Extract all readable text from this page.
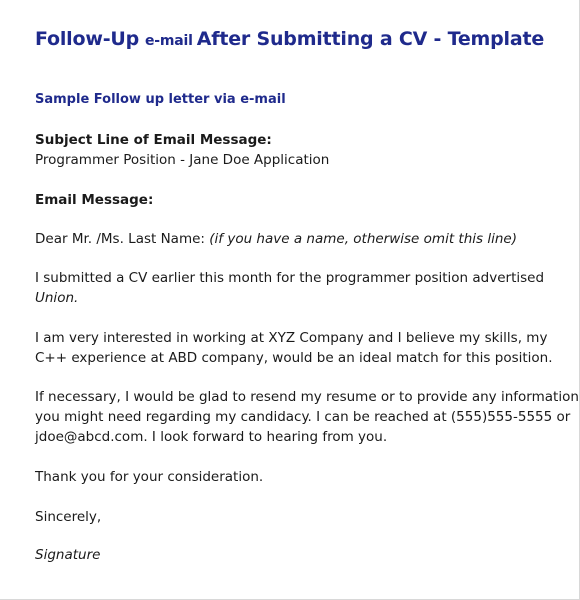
Follow-Up e-mail After Submitting a CV - Template
Sample Follow up letter via e-mail
Subject Line of Email Message:
Programmer Position - Jane Doe Application
Email Message:
Dear Mr. /Ms. Last Name: (if you have a name, otherwise omit this line)
I submitted a CV earlier this month for the programmer position advertised
Union.
I am very interested in working at XYZ Company and I believe my skills, my
C++ experience at ABD company, would be an ideal match for this position.
If necessary, I would be glad to resend my resume or to provide any information
you might need regarding my candidacy. I can be reached at (555)555-5555 or
jdoe@abcd.com. I look forward to hearing from you.
Thank you for your consideration.
Sincerely,
Signature
